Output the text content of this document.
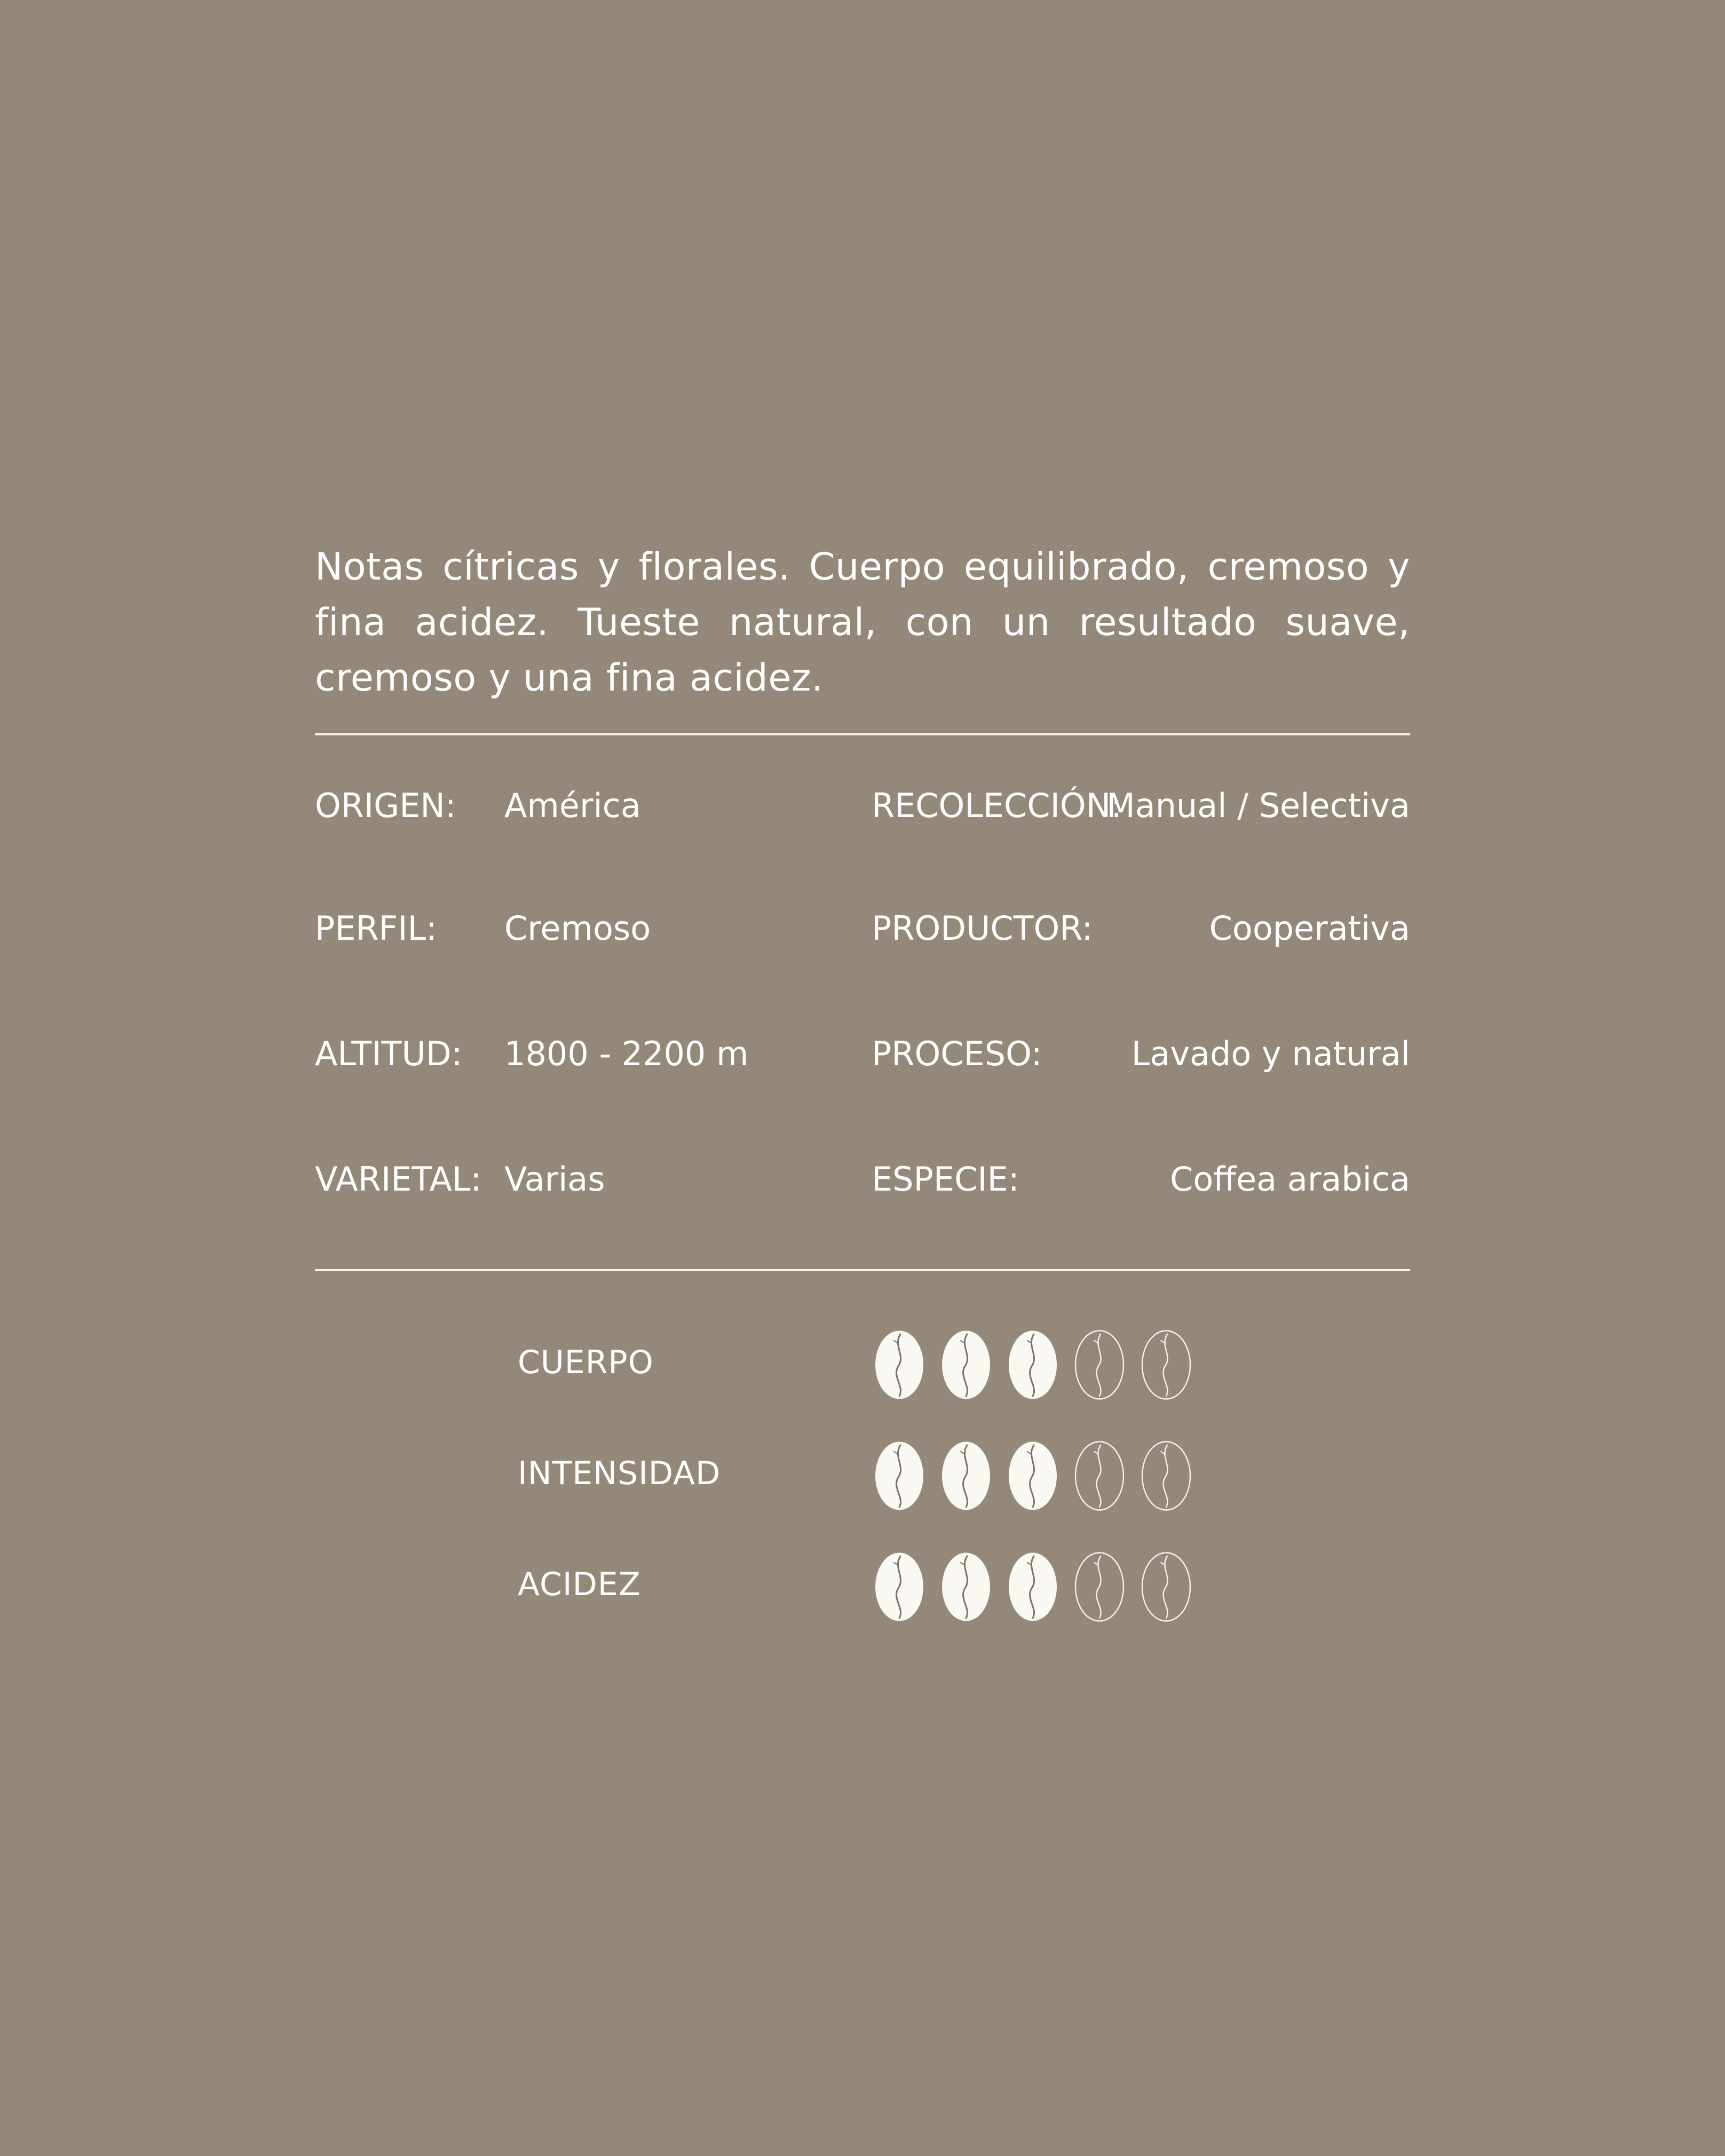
Notas cítricas y florales. Cuerpo equilibrado, cremoso y fina acidez. Tueste natural, con un resultado suave, cremoso y una fina acidez.

ORIGEN: América
PERFIL: Cremoso
ALTITUD: 1800 - 2200 m
VARIETAL: Varias
RECOLECCIÓN:
Manual / Selectiva
PRODUCTOR:	Cooperativa
PROCESO:	Lavado y natural
ESPECIE:	Coffea arabica
CUERPO
INTENSIDAD
ACIDEZ
